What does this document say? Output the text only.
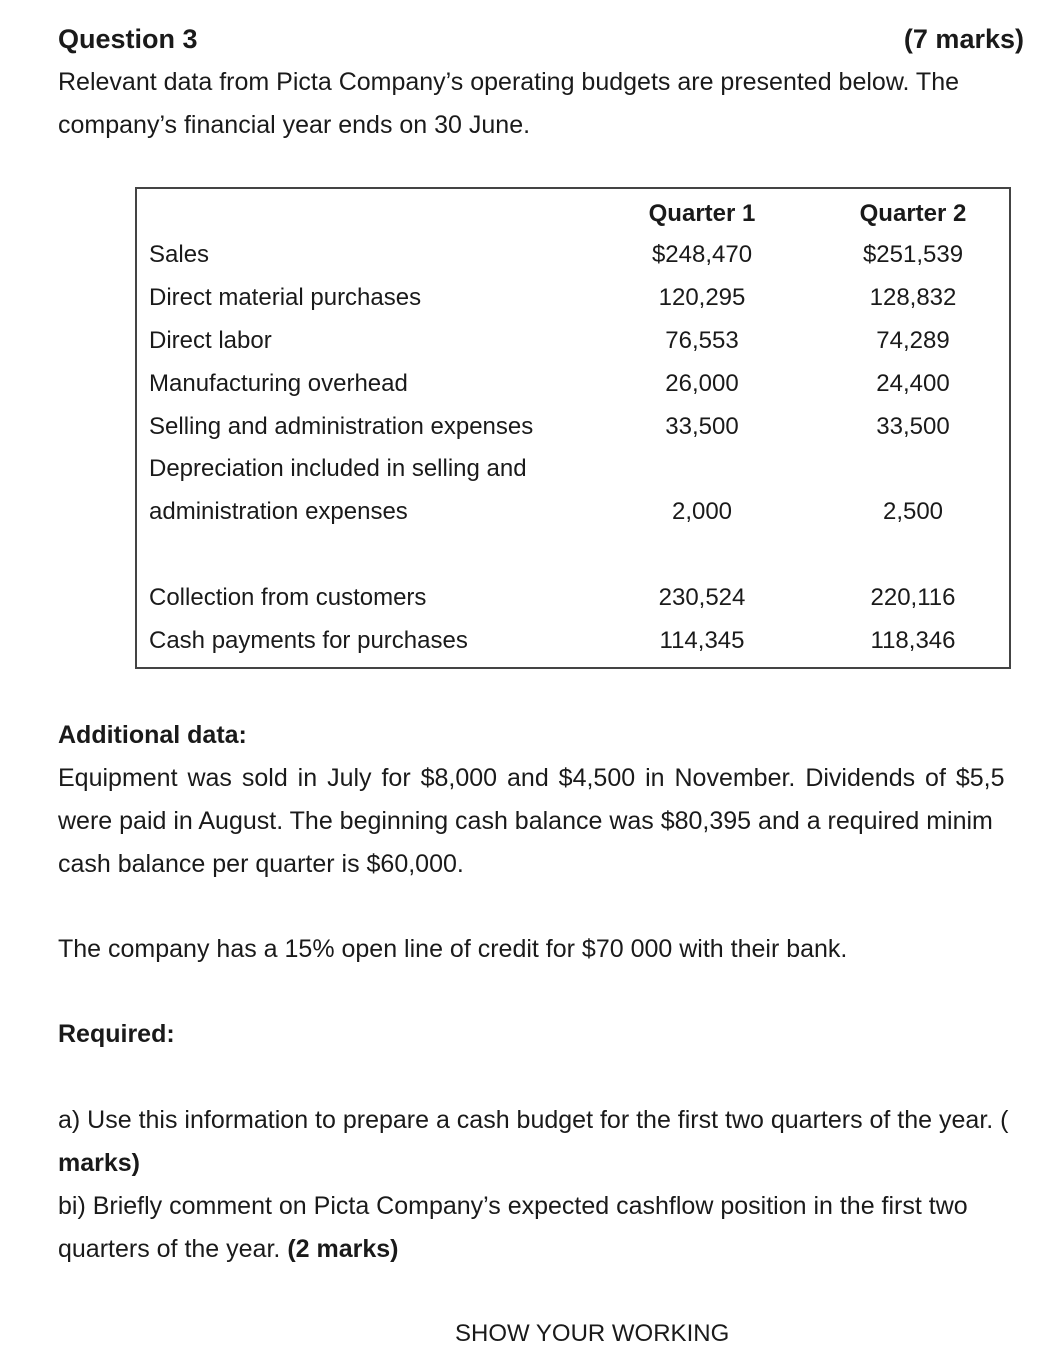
Question 3	(7 marks)
Relevant data from Picta Company’s operating budgets are presented below. The
company’s financial year ends on 30 June.
Quarter 1	Quarter 2
Sales	$248,470	$251,539
Direct material purchases	120,295	128,832
Direct labor	76,553	74,289
Manufacturing overhead	26,000	24,400
Selling and administration expenses	33,500	33,500
Depreciation included in selling and
administration expenses	2,000	2,500
Collection from customers	230,524	220,116
Cash payments for purchases	114,345	118,346
Additional data:
Equipment was sold in July for $8,000 and $4,500 in November. Dividends of $5,5
were paid in August. The beginning cash balance was $80,395 and a required minim
cash balance per quarter is $60,000.
The company has a 15% open line of credit for $70 000 with their bank.
Required:
a) Use this information to prepare a cash budget for the first two quarters of the year. (
marks)
bi) Briefly comment on Picta Company’s expected cashflow position in the first two
quarters of the year. (2 marks)
SHOW YOUR WORKING
